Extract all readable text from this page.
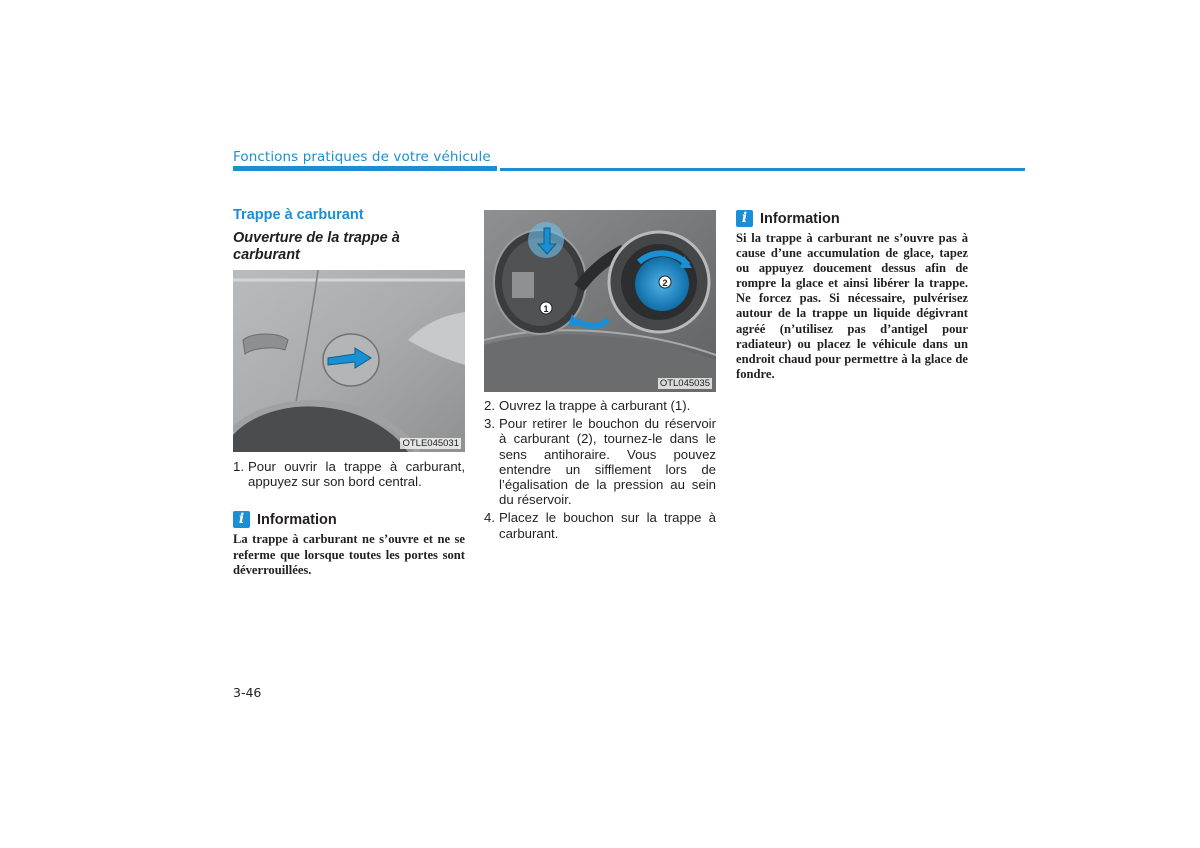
Fonctions pratiques de votre véhicule
Trappe à carburant
Ouverture de la trappe à carburant
OTLE045031
1. Pour ouvrir la trappe à carburant, appuyez sur son bord central.
i Information

La trappe à carburant ne s’ouvre et ne se referme que lorsque toutes les portes sont déverrouillées.

1
2
OTL045035
2. Ouvrez la trappe à carburant (1).
3. Pour retirer le bouchon du réservoir à carburant (2), tournez-le dans le sens antihoraire. Vous pouvez entendre un sifflement lors de l’égalisation de la pression au sein du réservoir.
4. Placez le bouchon sur la trappe à carburant.
i Information

Si la trappe à carburant ne s’ouvre pas à cause d’une accumulation de glace, tapez ou appuyez doucement dessus afin de rompre la glace et ainsi libérer la trappe. Ne forcez pas. Si nécessaire, pulvérisez autour de la trappe un liquide dégivrant agréé (n’utilisez pas d’antigel pour radiateur) ou placez le véhicule dans un endroit chaud pour permettre à la glace de fondre.

3-46
